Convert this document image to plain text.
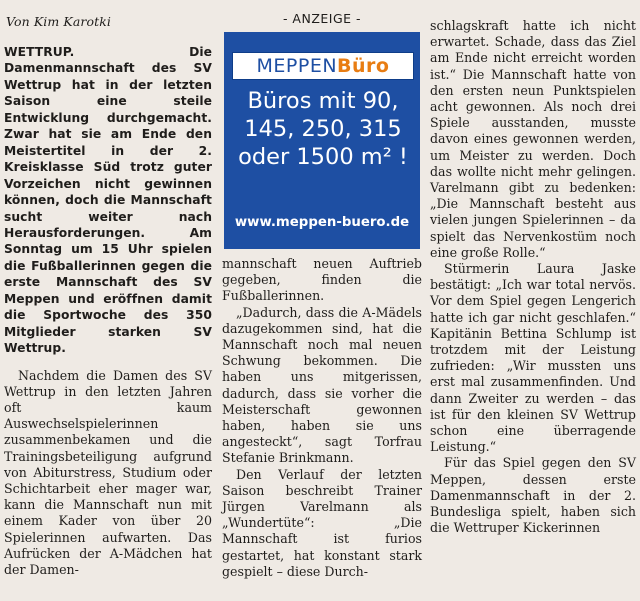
Von Kim Karotki
WETTRUP. Die Damenmannschaft des SV Wettrup hat in der letzten Saison eine steile Entwicklung durchgemacht. Zwar hat sie am Ende den Meistertitel in der 2. Kreisklasse Süd trotz guter Vorzeichen nicht gewinnen können, doch die Mannschaft sucht weiter nach Herausforderungen. Am Sonntag um 15 Uhr spielen die Fußballerinnen gegen die erste Mannschaft des SV Meppen und eröffnen damit die Sportwoche des 350 Mitglieder starken SV Wettrup.

Nachdem die Damen des SV Wettrup in den letzten Jahren oft kaum Auswechselspielerinnen zusammenbekamen und die Trainingsbeteiligung aufgrund von Abiturstress, Studium oder Schichtarbeit eher mager war, kann die Mannschaft nun mit einem Kader von über 20 Spielerinnen aufwarten. Das Aufrücken der A-Mädchen hat der Damen-

- ANZEIGE -
MEPPEN Büro
Büros mit 90, 145, 250, 315 oder 1500 m² !
www.meppen-buero.de

mannschaft neuen Auftrieb gegeben, finden die Fußballerinnen.

„Dadurch, dass die A-Mädels dazugekommen sind, hat die Mannschaft noch mal neuen Schwung bekommen. Die haben uns mitgerissen, dadurch, dass sie vorher die Meisterschaft gewonnen haben, haben sie uns angesteckt“, sagt Torfrau Stefanie Brinkmann.

Den Verlauf der letzten Saison beschreibt Trainer Jürgen Varelmann als „Wundertüte“: „Die Mannschaft ist furios gestartet, hat konstant stark gespielt – diese Durch-

schlagskraft hatte ich nicht erwartet. Schade, dass das Ziel am Ende nicht erreicht worden ist.“ Die Mannschaft hatte von den ersten neun Punktspielen acht gewonnen. Als noch drei Spiele ausstanden, musste davon eines gewonnen werden, um Meister zu werden. Doch das wollte nicht mehr gelingen. Varelmann gibt zu bedenken: „Die Mannschaft besteht aus vielen jungen Spielerinnen – da spielt das Nervenkostüm noch eine große Rolle.“

Stürmerin Laura Jaske bestätigt: „Ich war total nervös. Vor dem Spiel gegen Lengerich hatte ich gar nicht geschlafen.“ Kapitänin Bettina Schlump ist trotzdem mit der Leistung zufrieden: „Wir mussten uns erst mal zusammenfinden. Und dann Zweiter zu werden – das ist für den kleinen SV Wettrup schon eine überragende Leistung.“

Für das Spiel gegen den SV Meppen, dessen erste Damenmannschaft in der 2. Bundesliga spielt, haben sich die Wettruper Kickerinnen
